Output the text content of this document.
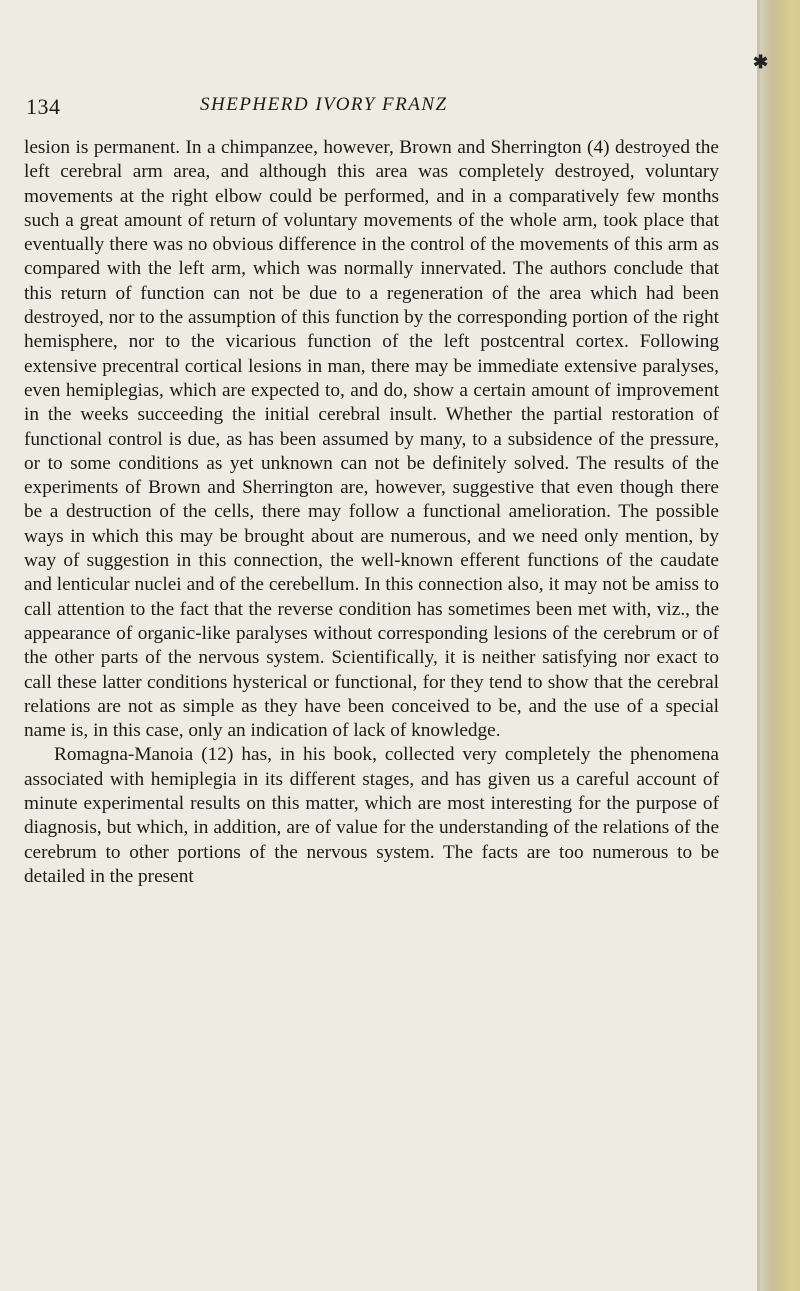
✱
134	SHEPHERD IVORY FRANZ

lesion is permanent. In a chimpanzee, however, Brown and Sherrington (4) destroyed the left cerebral arm area, and although this area was completely destroyed, voluntary movements at the right elbow could be performed, and in a comparatively few months such a great amount of return of voluntary movements of the whole arm, took place that eventually there was no obvious difference in the control of the movements of this arm as compared with the left arm, which was normally innervated. The authors conclude that this return of function can not be due to a regeneration of the area which had been destroyed, nor to the assumption of this function by the corresponding portion of the right hemisphere, nor to the vicarious function of the left postcentral cortex. Following extensive precentral cortical lesions in man, there may be immediate extensive paralyses, even hemiplegias, which are expected to, and do, show a certain amount of improvement in the weeks succeeding the initial cerebral insult. Whether the partial restoration of functional control is due, as has been assumed by many, to a subsidence of the pressure, or to some conditions as yet unknown can not be definitely solved. The results of the experiments of Brown and Sherrington are, however, suggestive that even though there be a destruction of the cells, there may follow a functional amelioration. The possible ways in which this may be brought about are numerous, and we need only mention, by way of suggestion in this connection, the well-known efferent functions of the caudate and lenticular nuclei and of the cerebellum. In this connection also, it may not be amiss to call attention to the fact that the reverse condition has sometimes been met with, viz., the appearance of organic-like paralyses without corresponding lesions of the cerebrum or of the other parts of the nervous system. Scientifically, it is neither satisfying nor exact to call these latter conditions hysterical or functional, for they tend to show that the cerebral relations are not as simple as they have been conceived to be, and the use of a special name is, in this case, only an indication of lack of knowledge.

Romagna-Manoia (12) has, in his book, collected very completely the phenomena associated with hemiplegia in its different stages, and has given us a careful account of minute experimental results on this matter, which are most interesting for the purpose of diagnosis, but which, in addition, are of value for the understanding of the relations of the cerebrum to other portions of the nervous system. The facts are too numerous to be detailed in the present
